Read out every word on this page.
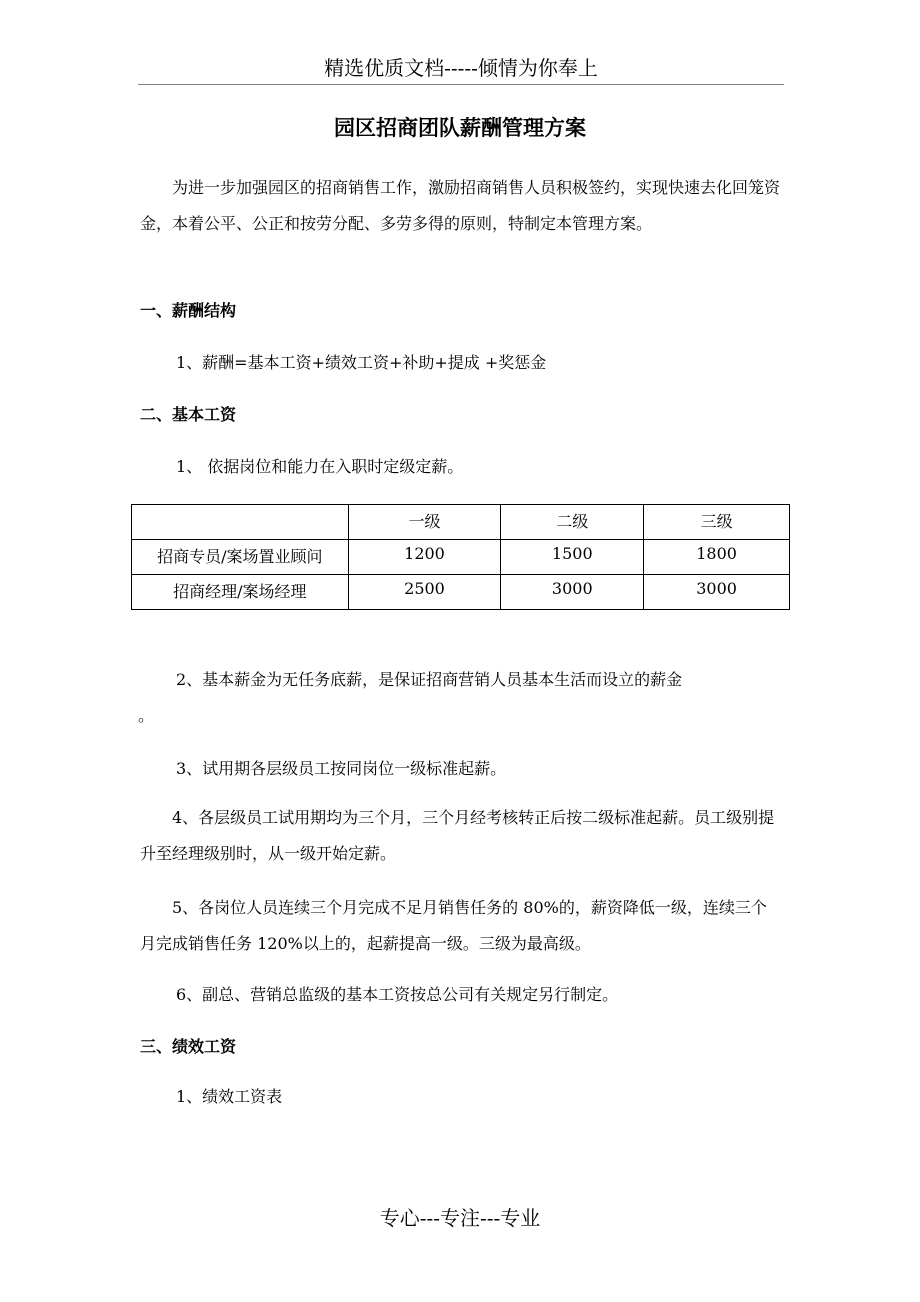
精选优质文档-----倾情为你奉上
园区招商团队薪酬管理方案
为进一步加强园区的招商销售工作，激励招商销售人员积极签约，实现快速去化回笼资金，本着公平、公正和按劳分配、多劳多得的原则，特制定本管理方案。
一、薪酬结构
1、薪酬=基本工资+绩效工资+补助+提成 +奖惩金
二、基本工资
1、 依据岗位和能力在入职时定级定薪。
	一级	二级	三级
招商专员/案场置业顾问	1200	1500	1800
招商经理/案场经理	2500	3000	3000
2、基本薪金为无任务底薪，是保证招商营销人员基本生活而设立的薪金
。
3、试用期各层级员工按同岗位一级标准起薪。
4、各层级员工试用期均为三个月，三个月经考核转正后按二级标准起薪。员工级别提升至经理级别时，从一级开始定薪。
5、各岗位人员连续三个月完成不足月销售任务的 80%的，薪资降低一级，连续三个月完成销售任务 120%以上的，起薪提高一级。三级为最高级。
6、副总、营销总监级的基本工资按总公司有关规定另行制定。
三、绩效工资
1、绩效工资表
专心---专注---专业
